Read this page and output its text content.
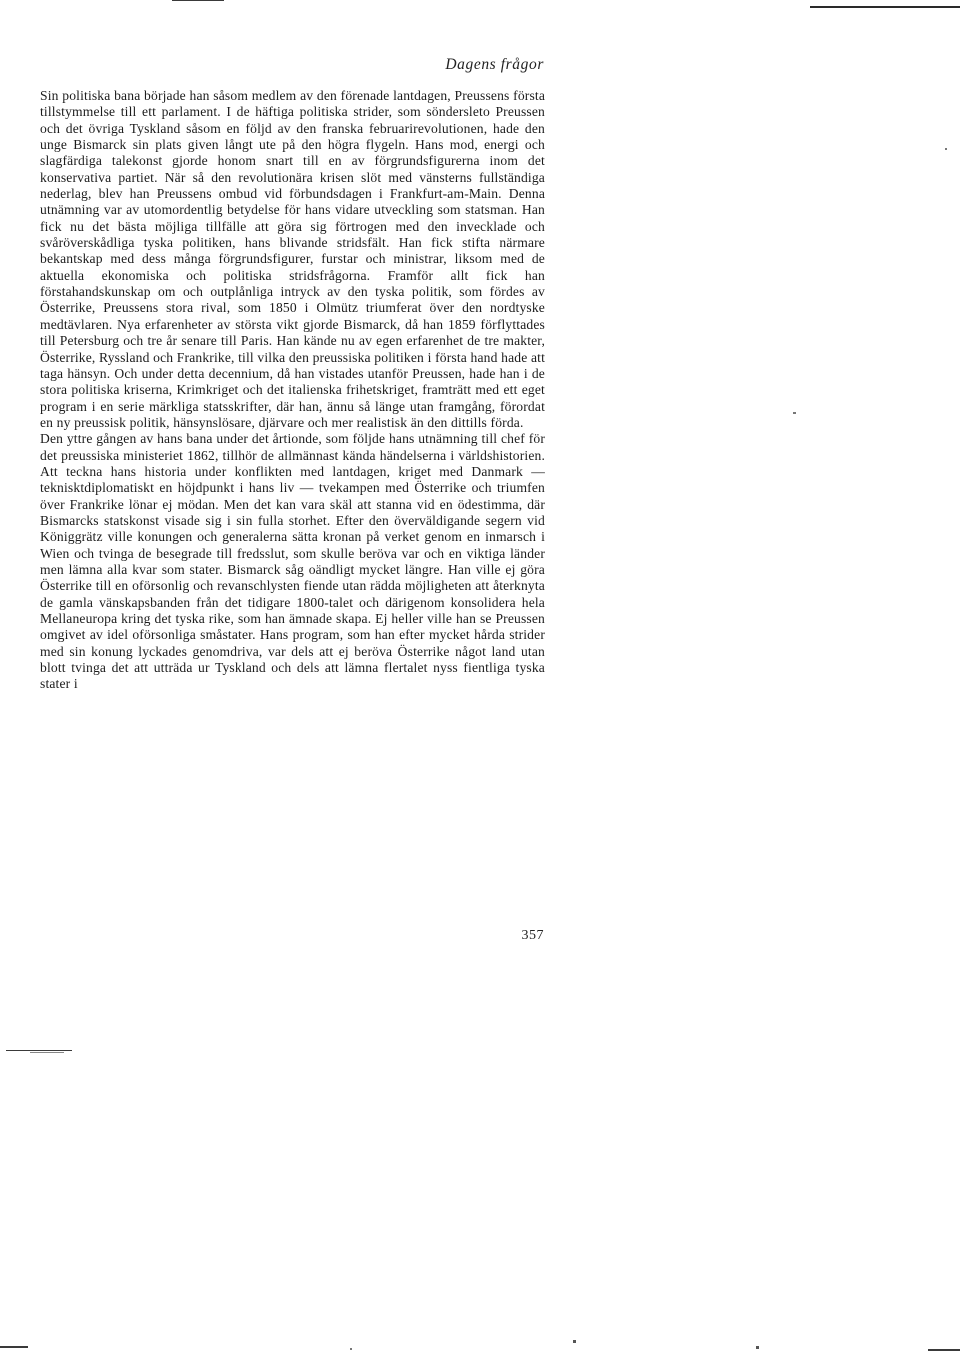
Dagens frågor

Sin politiska bana började han såsom medlem av den förenade lantdagen, Preussens första tillstymmelse till ett parlament. I de häftiga politiska strider, som söndersleto Preussen och det övriga Tyskland såsom en följd av den franska februarirevolutionen, hade den unge Bismarck sin plats given långt ute på den högra flygeln. Hans mod, energi och slagfärdiga talekonst gjorde honom snart till en av förgrundsfigurerna inom det konservativa partiet. När så den revolutionära krisen slöt med vänsterns fullständiga nederlag, blev han Preussens ombud vid förbundsdagen i Frankfurt-am-Main. Denna utnämning var av utomordentlig betydelse för hans vidare utveckling som statsman. Han fick nu det bästa möjliga tillfälle att göra sig förtrogen med den invecklade och svåröverskådliga tyska politiken, hans blivande stridsfält. Han fick stifta närmare bekantskap med dess många förgrundsfigurer, furstar och ministrar, liksom med de aktuella ekonomiska och politiska stridsfrågorna. Framför allt fick han förstahandskunskap om och outplånliga intryck av den tyska politik, som fördes av Österrike, Preussens stora rival, som 1850 i Olmütz triumferat över den nordtyske medtävlaren. Nya erfarenheter av största vikt gjorde Bismarck, då han 1859 förflyttades till Petersburg och tre år senare till Paris. Han kände nu av egen erfarenhet de tre makter, Österrike, Ryssland och Frankrike, till vilka den preussiska politiken i första hand hade att taga hänsyn. Och under detta decennium, då han vistades utanför Preussen, hade han i de stora politiska kriserna, Krimkriget och det italienska frihetskriget, framträtt med ett eget program i en serie märkliga statsskrifter, där han, ännu så länge utan framgång, förordat en ny preussisk politik, hänsynslösare, djärvare och mer realistisk än den dittills förda.

Den yttre gången av hans bana under det årtionde, som följde hans utnämning till chef för det preussiska ministeriet 1862, tillhör de allmännast kända händelserna i världshistorien. Att teckna hans historia under konflikten med lantdagen, kriget med Danmark — teknisktdiplomatiskt en höjdpunkt i hans liv — tvekampen med Österrike och triumfen över Frankrike lönar ej mödan. Men det kan vara skäl att stanna vid en ödestimma, där Bismarcks statskonst visade sig i sin fulla storhet. Efter den överväldigande segern vid Königgrätz ville konungen och generalerna sätta kronan på verket genom en inmarsch i Wien och tvinga de besegrade till fredsslut, som skulle beröva var och en viktiga länder men lämna alla kvar som stater. Bismarck såg oändligt mycket längre. Han ville ej göra Österrike till en oförsonlig och revanschlysten fiende utan rädda möjligheten att återknyta de gamla vänskapsbanden från det tidigare 1800-talet och därigenom konsolidera hela Mellaneuropa kring det tyska rike, som han ämnade skapa. Ej heller ville han se Preussen omgivet av idel oförsonliga småstater. Hans program, som han efter mycket hårda strider med sin konung lyckades genomdriva, var dels att ej beröva Österrike något land utan blott tvinga det att utträda ur Tyskland och dels att lämna flertalet nyss fientliga tyska stater i

357
